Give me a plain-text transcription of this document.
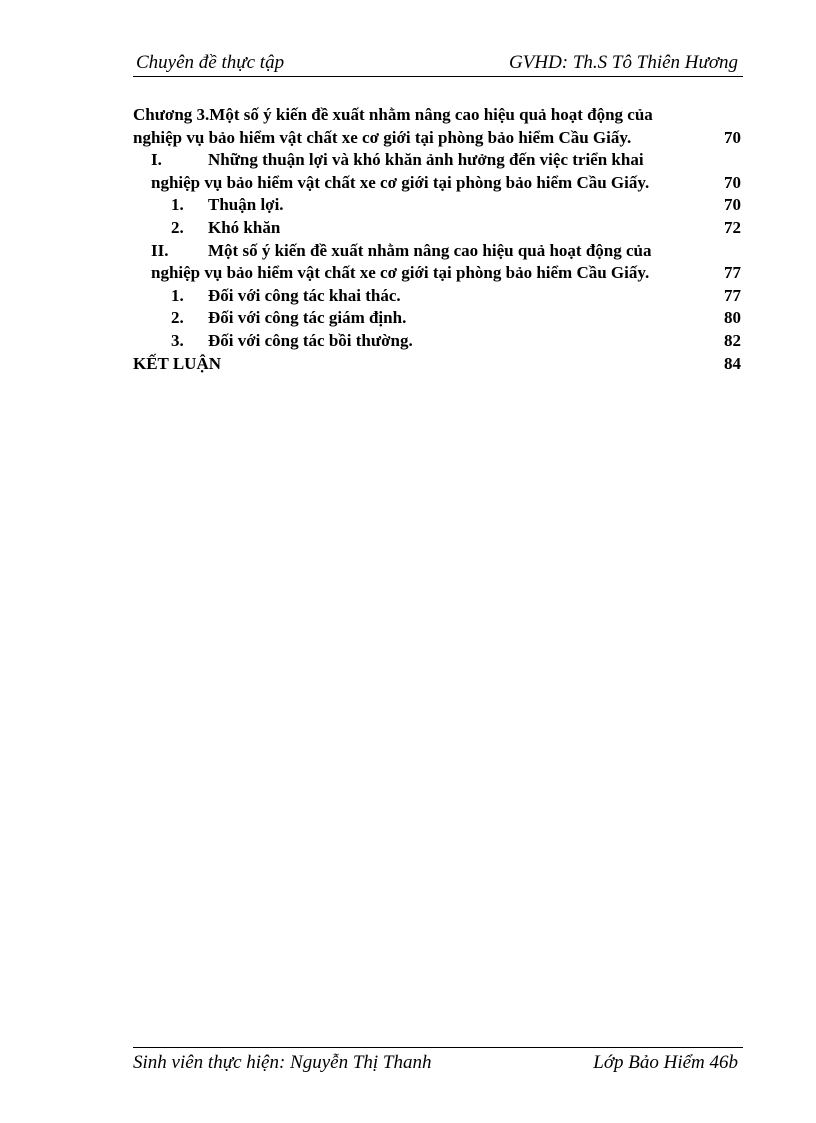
Chuyên đề thực tập	GVHD: Th.S Tô Thiên Hương
Chương 3.Một số ý kiến đề xuất nhằm nâng cao hiệu quả hoạt động của
nghiệp vụ bảo hiểm vật chất xe cơ giới tại phòng bảo hiểm Cầu Giấy.	70
I.	Những thuận lợi và khó khăn ảnh hưởng đến việc triển khai
nghiệp vụ bảo hiểm vật chất xe cơ giới tại phòng bảo hiểm Cầu Giấy.	70
1. Thuận lợi.	70
2. Khó khăn	72
II. Một số ý kiến đề xuất nhằm nâng cao hiệu quả hoạt động của
nghiệp vụ bảo hiểm vật chất xe cơ giới tại phòng bảo hiểm Cầu Giấy.	77
1. Đối với công tác khai thác.	77
2. Đối với công tác giám định.	80
3. Đối với công tác bồi thường.	82
KẾT LUẬN	84
Sinh viên thực hiện: Nguyễn Thị Thanh	Lớp Bảo Hiểm 46b
